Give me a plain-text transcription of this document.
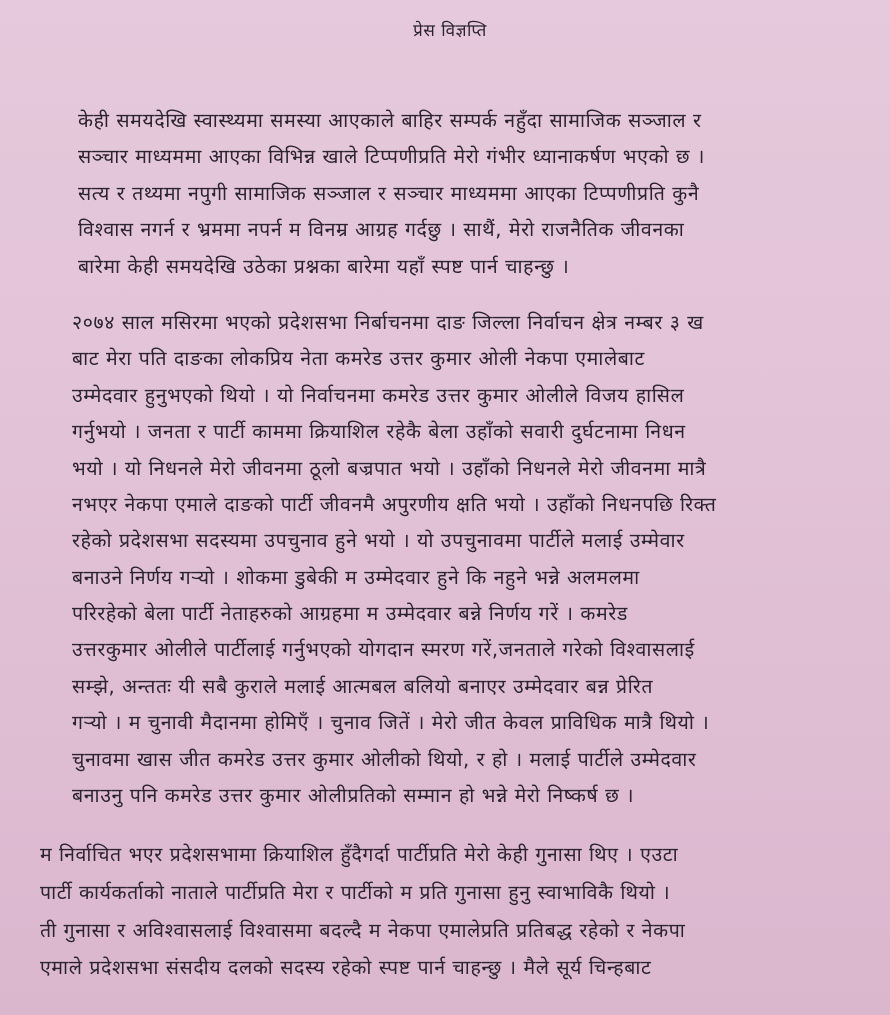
प्रेस विज्ञप्ति

केही समयदेखि स्वास्थ्यमा समस्या आएकाले बाहिर सम्पर्क नहुँदा सामाजिक सञ्जाल र
सञ्चार माध्यममा आएका विभिन्न खाले टिप्पणीप्रति मेरो गंभीर ध्यानाकर्षण भएको छ ।
सत्य र तथ्यमा नपुगी सामाजिक सञ्जाल र सञ्चार माध्यममा आएका टिप्पणीप्रति कुनै
विश्वास नगर्न र भ्रममा नपर्न म विनम्र आग्रह गर्दछु । साथैं, मेरो राजनैतिक जीवनका
बारेमा केही समयदेखि उठेका प्रश्नका बारेमा यहाँ स्पष्ट पार्न चाहन्छु ।

२०७४ साल मसिरमा भएको प्रदेशसभा निर्बाचनमा दाङ जिल्ला निर्वाचन क्षेत्र नम्बर ३ ख
बाट मेरा पति दाङका लोकप्रिय नेता कमरेड उत्तर कुमार ओली नेकपा एमालेबाट
उम्मेदवार हुनुभएको थियो । यो निर्वाचनमा कमरेड उत्तर कुमार ओलीले विजय हासिल
गर्नुभयो । जनता र पार्टी काममा क्रियाशिल रहेकै बेला उहाँको सवारी दुर्घटनामा निधन
भयो । यो निधनले मेरो जीवनमा ठूलो बज्रपात भयो । उहाँको निधनले मेरो जीवनमा मात्रै
नभएर नेकपा एमाले दाङको पार्टी जीवनमै अपुरणीय क्षति भयो । उहाँको निधनपछि रिक्त
रहेको प्रदेशसभा सदस्यमा उपचुनाव हुने भयो । यो उपचुनावमा पार्टीले मलाई उम्मेवार
बनाउने निर्णय गर्‍यो । शोकमा डुबेकी म उम्मेदवार हुने कि नहुने भन्ने अलमलमा
परिरहेको बेला पार्टी नेताहरुको आग्रहमा म उम्मेदवार बन्ने निर्णय गरें । कमरेड
उत्तरकुमार ओलीले पार्टीलाई गर्नुभएको योगदान स्मरण गरें,जनताले गरेको विश्वासलाई
सम्झे, अन्ततः यी सबै कुराले मलाई आत्मबल बलियो बनाएर उम्मेदवार बन्न प्रेरित
गर्‍यो । म चुनावी मैदानमा होमिएँ । चुनाव जितें । मेरो जीत केवल प्राविधिक मात्रै थियो ।
चुनावमा खास जीत कमरेड उत्तर कुमार ओलीको थियो, र हो । मलाई पार्टीले उम्मेदवार
बनाउनु पनि कमरेड उत्तर कुमार ओलीप्रतिको सम्मान हो भन्ने मेरो निष्कर्ष छ ।

म निर्वाचित भएर प्रदेशसभामा क्रियाशिल हुँदैगर्दा पार्टीप्रति मेरो केही गुनासा थिए । एउटा
पार्टी कार्यकर्ताको नाताले पार्टीप्रति मेरा र पार्टीको म प्रति गुनासा हुनु स्वाभाविकै थियो ।
ती गुनासा र अविश्वासलाई विश्वासमा बदल्दै म नेकपा एमालेप्रति प्रतिबद्ध रहेको र नेकपा
एमाले प्रदेशसभा संसदीय दलको सदस्य रहेको स्पष्ट पार्न चाहन्छु । मैले सूर्य चिन्हबाट
